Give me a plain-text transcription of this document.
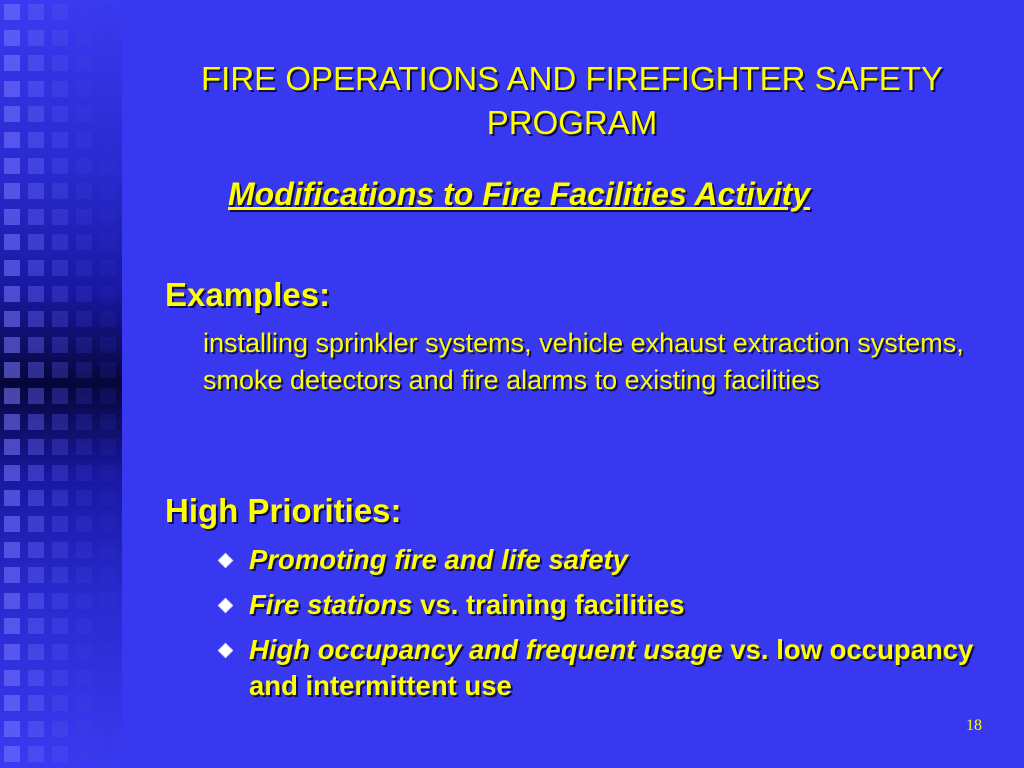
FIRE OPERATIONS AND FIREFIGHTER SAFETY PROGRAM
Modifications to Fire Facilities Activity
Examples:
installing sprinkler systems, vehicle exhaust extraction systems, smoke detectors and fire alarms to existing facilities
High Priorities:
Promoting fire and life safety
Fire stations vs. training facilities
High occupancy and frequent usage vs. low occupancy and intermittent use
18
